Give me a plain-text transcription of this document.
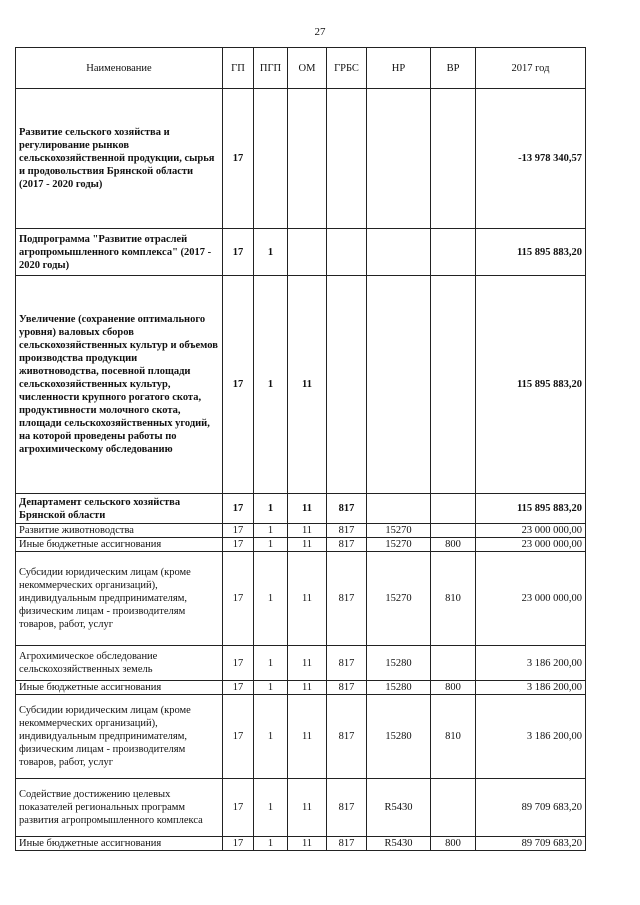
27
Наименование	ГП	ПГП	ОМ	ГРБС	НР	ВР	2017 год
Развитие сельского хозяйства и регулирование рынков сельскохозяйственной продукции, сырья и продовольствия Брянской области (2017 - 2020 годы)	17						-13 978 340,57
Подпрограмма "Развитие отраслей агропромышленного комплекса" (2017 - 2020 годы)	17	1					115 895 883,20
Увеличение (сохранение оптимального уровня) валовых сборов сельскохозяйственных культур и объемов производства продукции животноводства, посевной площади сельскохозяйственных культур, численности крупного рогатого скота, продуктивности молочного скота, площади сельскохозяйственных угодий, на которой проведены работы по агрохимическому обследованию	17	1	11				115 895 883,20
Департамент сельского хозяйства Брянской области	17	1	11	817			115 895 883,20
Развитие животноводства	17	1	11	817	15270		23 000 000,00
Иные бюджетные ассигнования	17	1	11	817	15270	800	23 000 000,00
Субсидии юридическим лицам (кроме некоммерческих организаций), индивидуальным предпринимателям, физическим лицам - производителям товаров, работ, услуг	17	1	11	817	15270	810	23 000 000,00
Агрохимическое обследование сельскохозяйственных земель	17	1	11	817	15280		3 186 200,00
Иные бюджетные ассигнования	17	1	11	817	15280	800	3 186 200,00
Субсидии юридическим лицам (кроме некоммерческих организаций), индивидуальным предпринимателям, физическим лицам - производителям товаров, работ, услуг	17	1	11	817	15280	810	3 186 200,00
Содействие достижению целевых показателей региональных программ развития агропромышленного комплекса	17	1	11	817	R5430		89 709 683,20
Иные бюджетные ассигнования	17	1	11	817	R5430	800	89 709 683,20
